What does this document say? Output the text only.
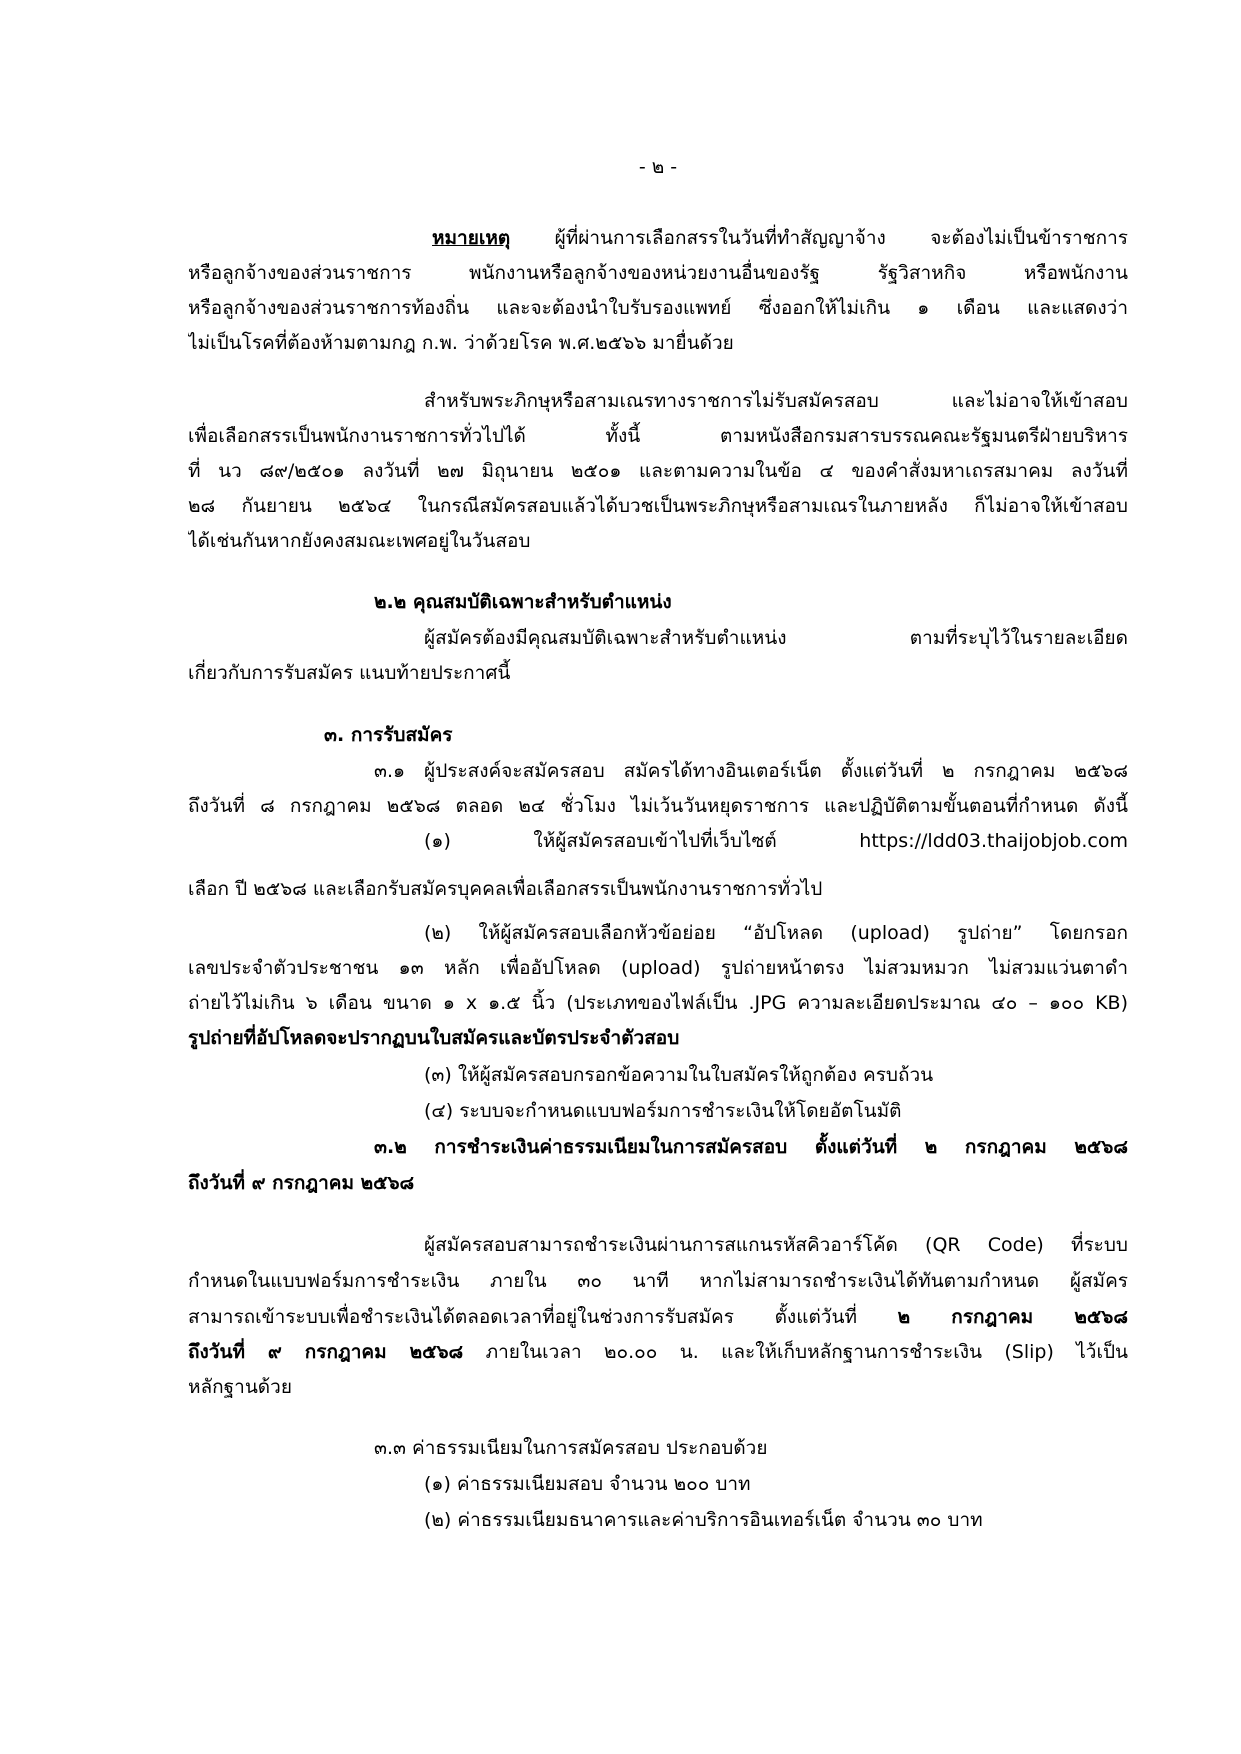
- ๒ -
หมายเหตุ ผู้ที่ผ่านการเลือกสรรในวันที่ทำสัญญาจ้าง จะต้องไม่เป็นข้าราชการ
หรือลูกจ้างของส่วนราชการ พนักงานหรือลูกจ้างของหน่วยงานอื่นของรัฐ รัฐวิสาหกิจ หรือพนักงาน
หรือลูกจ้างของส่วนราชการท้องถิ่น และจะต้องนำใบรับรองแพทย์ ซึ่งออกให้ไม่เกิน ๑ เดือน และแสดงว่า
ไม่เป็นโรคที่ต้องห้ามตามกฎ ก.พ. ว่าด้วยโรค พ.ศ.๒๕๖๖ มายื่นด้วย
สำหรับพระภิกษุหรือสามเณรทางราชการไม่รับสมัครสอบ และไม่อาจให้เข้าสอบ
เพื่อเลือกสรรเป็นพนักงานราชการทั่วไปได้ ทั้งนี้ ตามหนังสือกรมสารบรรณคณะรัฐมนตรีฝ่ายบริหาร
ที่ นว ๘๙/๒๕๐๑ ลงวันที่ ๒๗ มิถุนายน ๒๕๐๑ และตามความในข้อ ๔ ของคำสั่งมหาเถรสมาคม ลงวันที่
๒๘ กันยายน ๒๕๖๔ ในกรณีสมัครสอบแล้วได้บวชเป็นพระภิกษุหรือสามเณรในภายหลัง ก็ไม่อาจให้เข้าสอบ
ได้เช่นกันหากยังคงสมณะเพศอยู่ในวันสอบ
๒.๒ คุณสมบัติเฉพาะสำหรับตำแหน่ง
ผู้สมัครต้องมีคุณสมบัติเฉพาะสำหรับตำแหน่ง ตามที่ระบุไว้ในรายละเอียด
เกี่ยวกับการรับสมัคร แนบท้ายประกาศนี้
๓. การรับสมัคร
๓.๑ ผู้ประสงค์จะสมัครสอบ สมัครได้ทางอินเตอร์เน็ต ตั้งแต่วันที่ ๒ กรกฎาคม ๒๕๖๘
ถึงวันที่ ๘ กรกฎาคม ๒๕๖๘ ตลอด ๒๔ ชั่วโมง ไม่เว้นวันหยุดราชการ และปฏิบัติตามขั้นตอนที่กำหนด ดังนี้
(๑) ให้ผู้สมัครสอบเข้าไปที่เว็บไซต์ https://ldd03.thaijobjob.com
เลือก ปี ๒๕๖๘ และเลือกรับสมัครบุคคลเพื่อเลือกสรรเป็นพนักงานราชการทั่วไป
(๒) ให้ผู้สมัครสอบเลือกหัวข้อย่อย “อัปโหลด (upload) รูปถ่าย” โดยกรอก
เลขประจำตัวประชาชน ๑๓ หลัก เพื่ออัปโหลด (upload) รูปถ่ายหน้าตรง ไม่สวมหมวก ไม่สวมแว่นตาดำ
ถ่ายไว้ไม่เกิน ๖ เดือน ขนาด ๑ x ๑.๕ นิ้ว (ประเภทของไฟล์เป็น .JPG ความละเอียดประมาณ ๔๐ – ๑๐๐ KB)
รูปถ่ายที่อัปโหลดจะปรากฏบนใบสมัครและบัตรประจำตัวสอบ
(๓) ให้ผู้สมัครสอบกรอกข้อความในใบสมัครให้ถูกต้อง ครบถ้วน
(๔) ระบบจะกำหนดแบบฟอร์มการชำระเงินให้โดยอัตโนมัติ
๓.๒ การชำระเงินค่าธรรมเนียมในการสมัครสอบ ตั้งแต่วันที่ ๒ กรกฎาคม ๒๕๖๘
ถึงวันที่ ๙ กรกฎาคม ๒๕๖๘
ผู้สมัครสอบสามารถชำระเงินผ่านการสแกนรหัสคิวอาร์โค้ด (QR Code) ที่ระบบ
กำหนดในแบบฟอร์มการชำระเงิน ภายใน ๓๐ นาที หากไม่สามารถชำระเงินได้ทันตามกำหนด ผู้สมัคร
สามารถเข้าระบบเพื่อชำระเงินได้ตลอดเวลาที่อยู่ในช่วงการรับสมัคร ตั้งแต่วันที่ ๒ กรกฎาคม ๒๕๖๘
ถึงวันที่ ๙ กรกฎาคม ๒๕๖๘ ภายในเวลา ๒๐.๐๐ น. และให้เก็บหลักฐานการชำระเงิน (Slip) ไว้เป็น
หลักฐานด้วย
๓.๓ ค่าธรรมเนียมในการสมัครสอบ ประกอบด้วย
(๑) ค่าธรรมเนียมสอบ จำนวน ๒๐๐ บาท
(๒) ค่าธรรมเนียมธนาคารและค่าบริการอินเทอร์เน็ต จำนวน ๓๐ บาท
